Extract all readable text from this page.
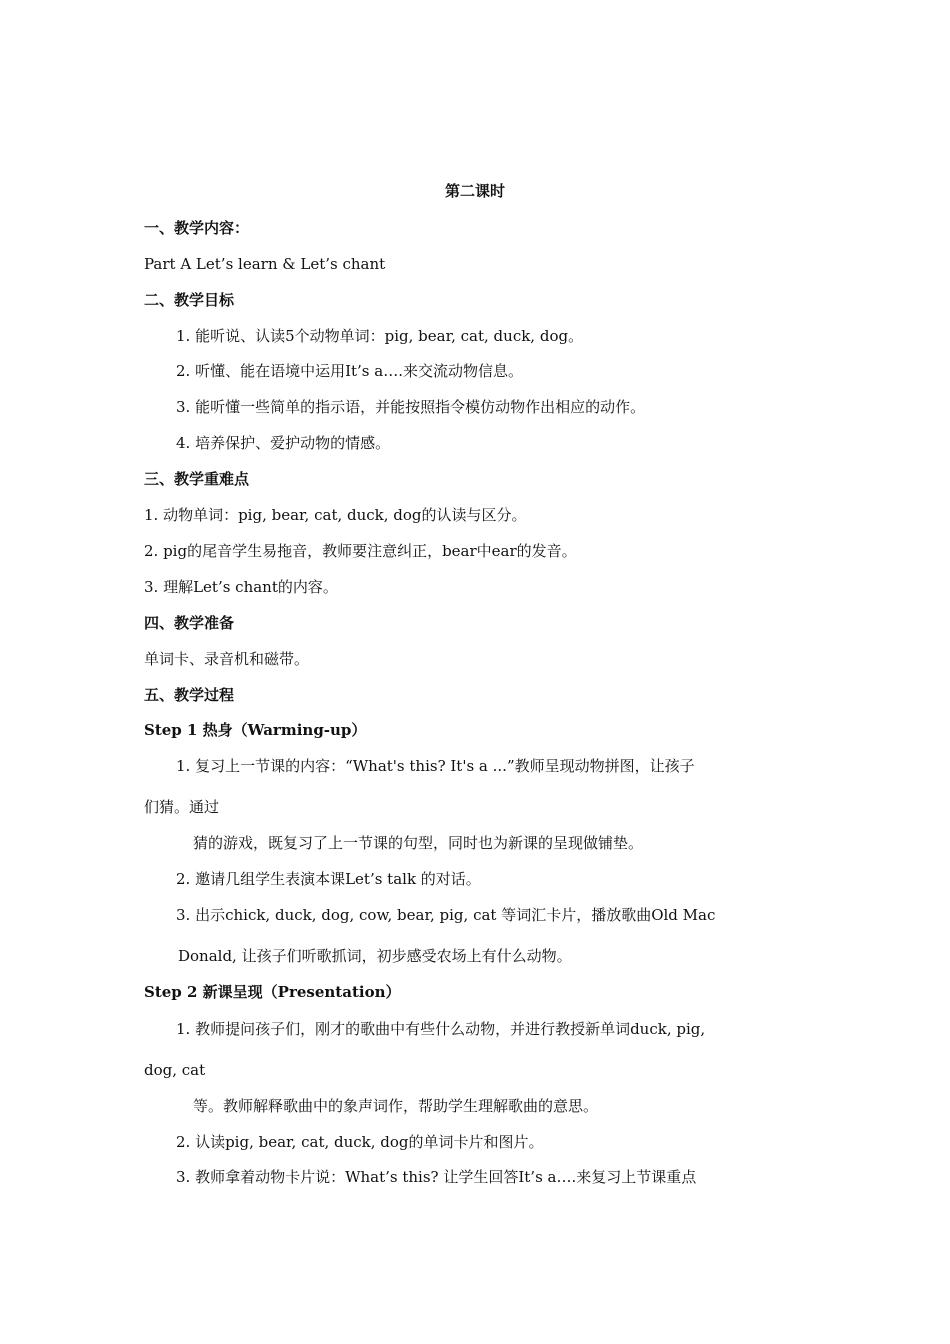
第二课时
一、教学内容：
Part A Let’s learn & Let’s chant
二、教学目标
1. 能听说、认读5个动物单词：pig, bear, cat, duck, dog。
2. 听懂、能在语境中运用It’s a….来交流动物信息。
3. 能听懂一些简单的指示语，并能按照指令模仿动物作出相应的动作。
4. 培养保护、爱护动物的情感。
三、教学重难点
1. 动物单词：pig, bear, cat, duck, dog的认读与区分。
2. pig的尾音学生易拖音，教师要注意纠正，bear中ear的发音。
3. 理解Let’s chant的内容。
四、教学准备
单词卡、录音机和磁带。
五、教学过程
Step 1 热身（Warming-up）
1. 复习上一节课的内容：“What's this? It's a ...”教师呈现动物拼图，让孩子
们猜。通过
猜的游戏，既复习了上一节课的句型，同时也为新课的呈现做铺垫。
2. 邀请几组学生表演本课Let’s talk 的对话。
3. 出示chick, duck, dog, cow, bear, pig, cat 等词汇卡片，播放歌曲Old Mac
Donald, 让孩子们听歌抓词，初步感受农场上有什么动物。
Step 2 新课呈现（Presentation）
1. 教师提问孩子们，刚才的歌曲中有些什么动物，并进行教授新单词duck, pig,
dog, cat
等。教师解释歌曲中的象声词作，帮助学生理解歌曲的意思。
2. 认读pig, bear, cat, duck, dog的单词卡片和图片。
3. 教师拿着动物卡片说：What’s this? 让学生回答It’s a….来复习上节课重点
